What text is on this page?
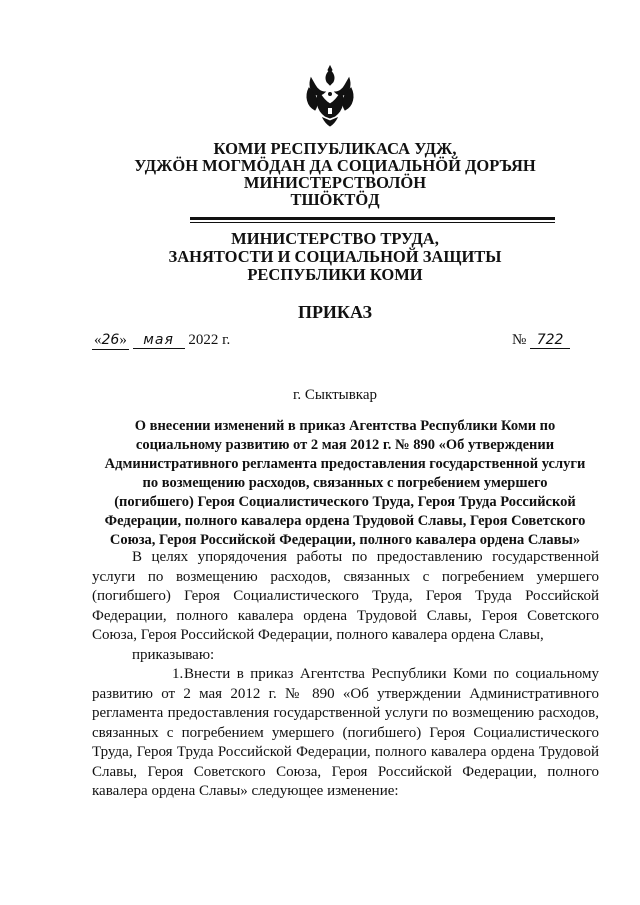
КОМИ РЕСПУБЛИКАСА УДЖ,
УДЖӦН МОГМӦДАН ДА СОЦИАЛЬНӦЙ ДОРЪЯН
МИНИСТЕРСТВОЛӦН
ТШӦКТӦД
МИНИСТЕРСТВО ТРУДА,
ЗАНЯТОСТИ И СОЦИАЛЬНОЙ ЗАЩИТЫ
РЕСПУБЛИКИ КОМИ
ПРИКАЗ
«26» мая 2022 г.	№ 722
г. Сыктывкар
О внесении изменений в приказ Агентства Республики Коми по
социальному развитию от 2 мая 2012 г. № 890 «Об утверждении
Административного регламента предоставления государственной услуги
по возмещению расходов, связанных с погребением умершего
(погибшего) Героя Социалистического Труда, Героя Труда Российской
Федерации, полного кавалера ордена Трудовой Славы, Героя Советского
Союза, Героя Российской Федерации, полного кавалера ордена Славы»

В целях упорядочения работы по предоставлению государственной услуги по возмещению расходов, связанных с погребением умершего (погибшего) Героя Социалистического Труда, Героя Труда Российской Федерации, полного кавалера ордена Трудовой Славы, Героя Советского Союза, Героя Российской Федерации, полного кавалера ордена Славы,

приказываю:

1.Внести в приказ Агентства Республики Коми по социальному развитию от 2 мая 2012 г. № 890 «Об утверждении Административного регламента предоставления государственной услуги по возмещению расходов, связанных с погребением умершего (погибшего) Героя Социалистического Труда, Героя Труда Российской Федерации, полного кавалера ордена Трудовой Славы, Героя Советского Союза, Героя Российской Федерации, полного кавалера ордена Славы» следующее изменение:
